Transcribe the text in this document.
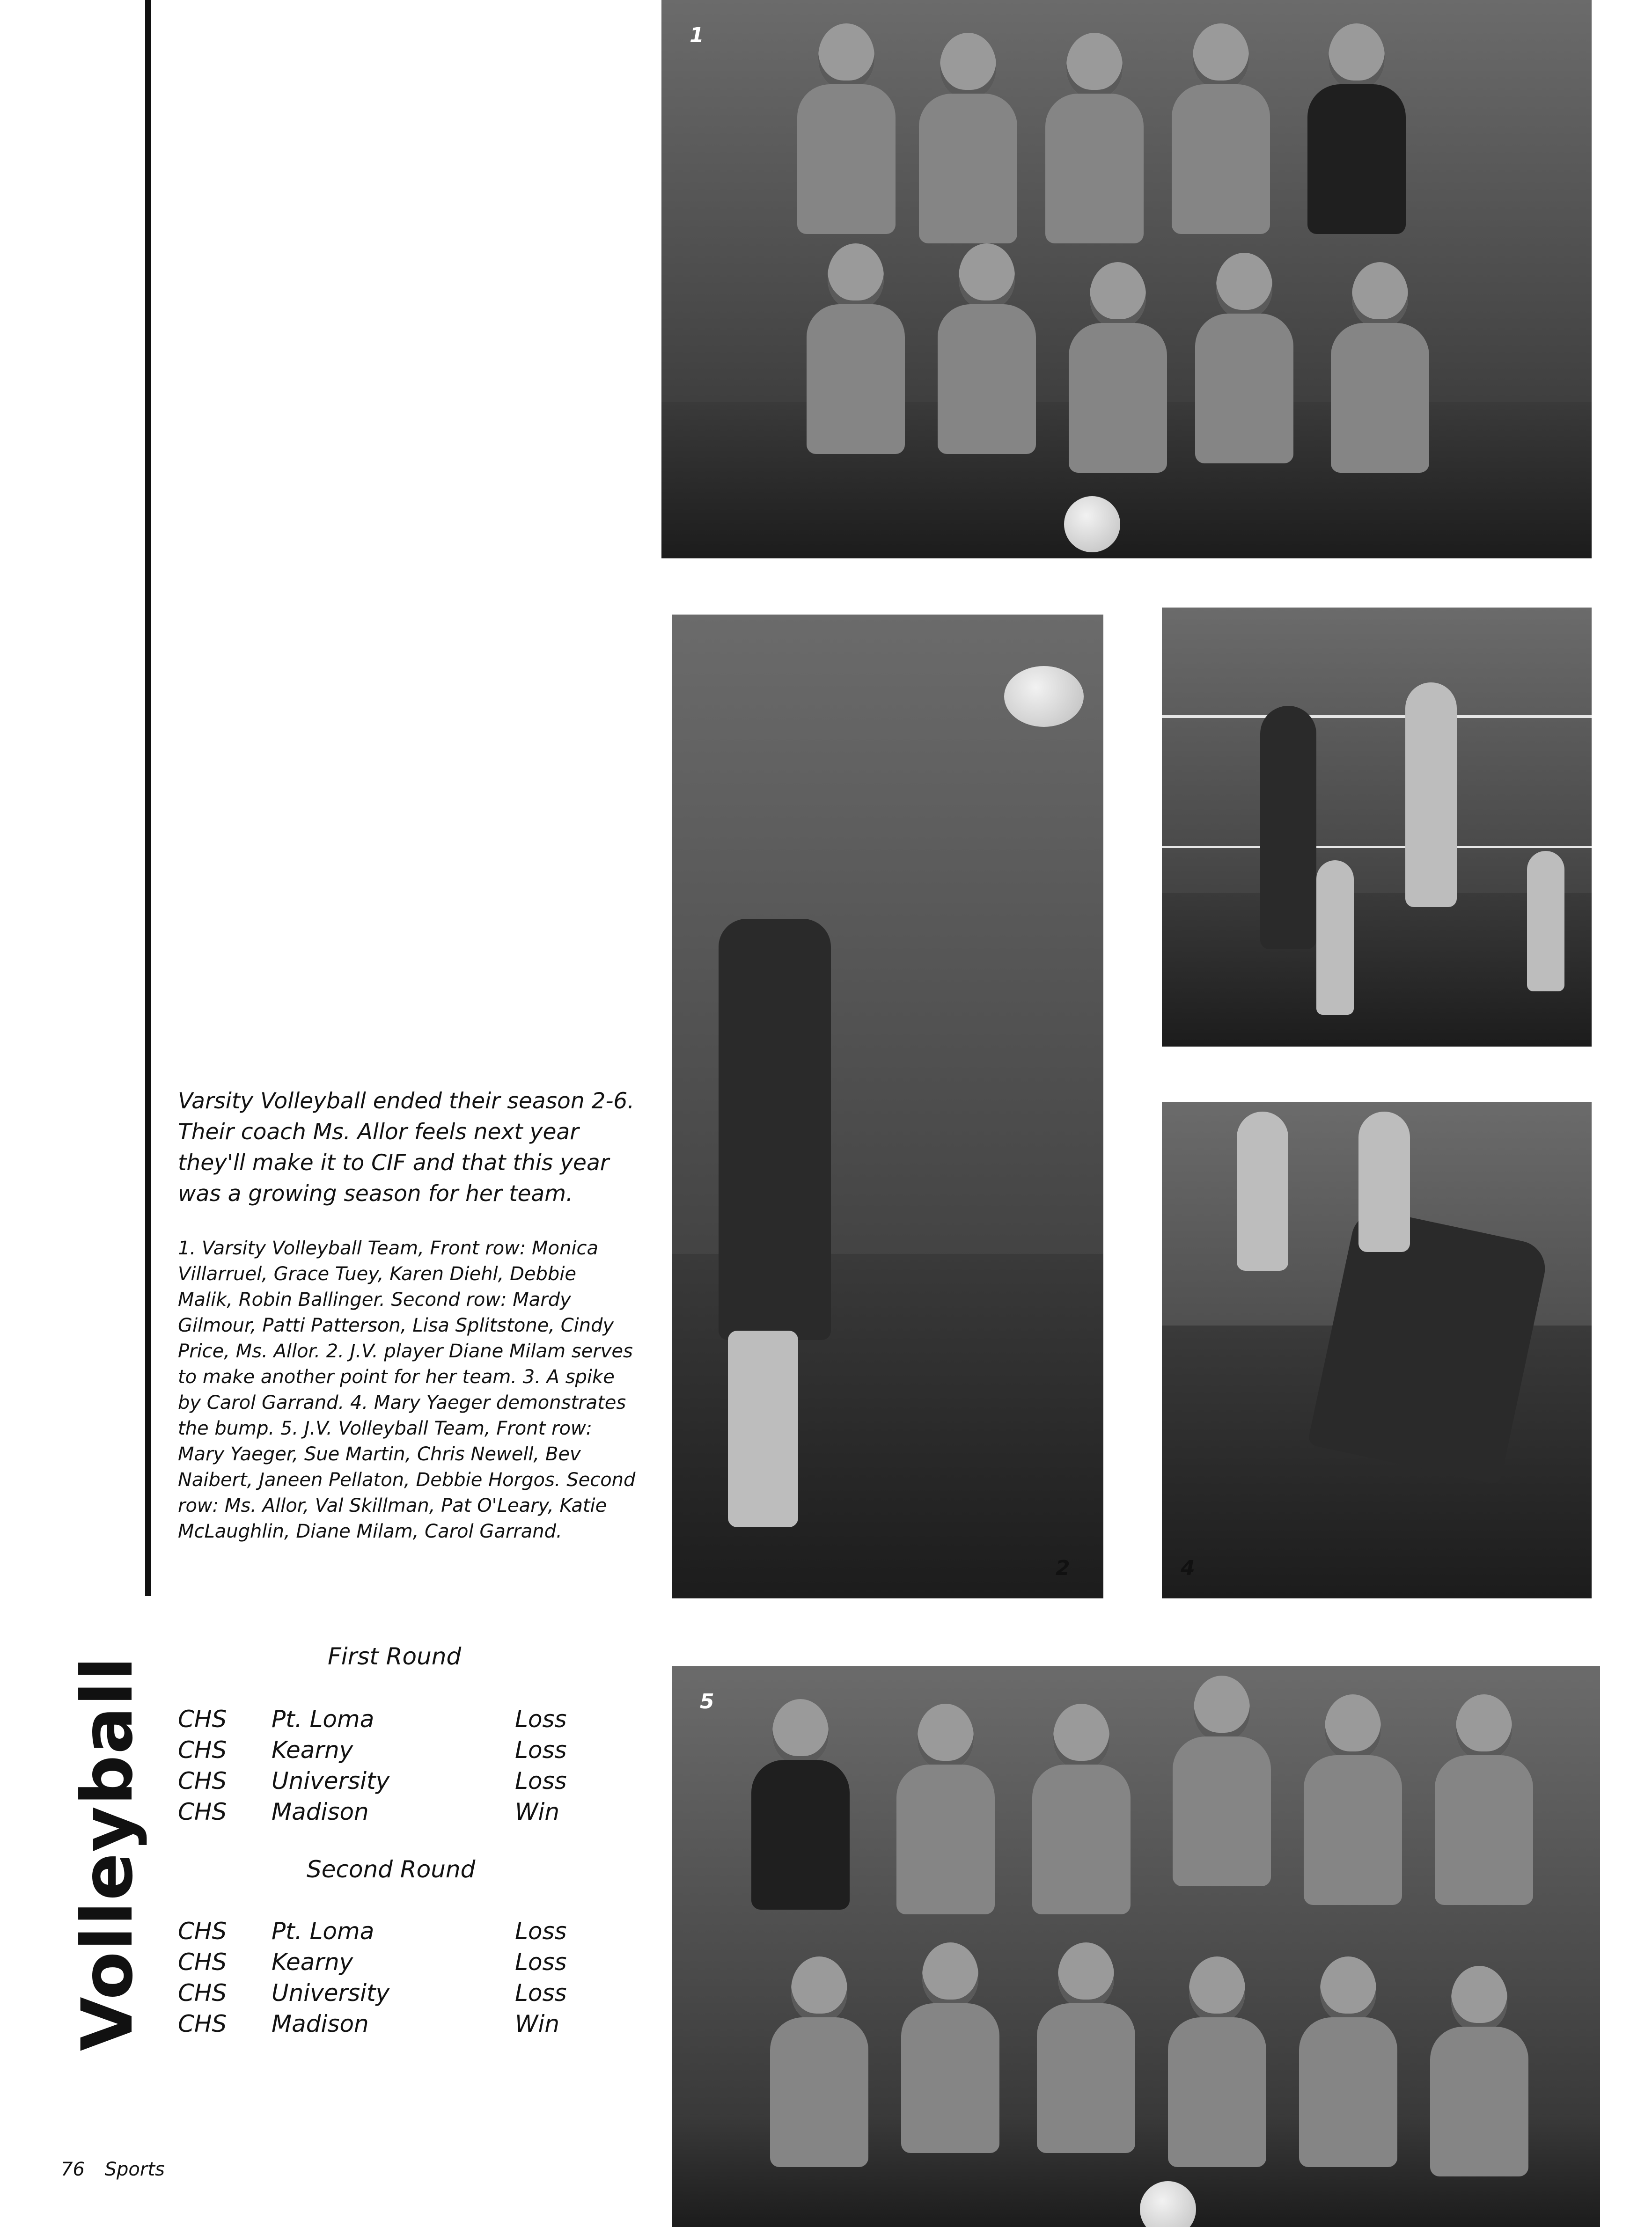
1
2	4
Varsity Volleyball ended their season 2-6. Their coach Ms. Allor feels next year they'll make it to CIF and that this year was a growing season for her team.
1. Varsity Volleyball Team, Front row: Monica Villarruel, Grace Tuey, Karen Diehl, Debbie Malik, Robin Ballinger. Second row: Mardy Gilmour, Patti Patterson, Lisa Splitstone, Cindy Price, Ms. Allor. 2. J.V. player Diane Milam serves to make another point for her team. 3. A spike by Carol Garrand. 4. Mary Yaeger demonstrates the bump. 5. J.V. Volleyball Team, Front row: Mary Yaeger, Sue Martin, Chris Newell, Bev Naibert, Janeen Pellaton, Debbie Horgos. Second row: Ms. Allor, Val Skillman, Pat O'Leary, Katie McLaughlin, Diane Milam, Carol Garrand.
Volleyball	First Round
CHS Pt. Loma	Loss
CHS Kearny	Loss
CHS University	Loss
CHS Madison	Win
Second Round
CHS Pt. Loma	Loss
CHS Kearny	Loss
CHS University	Loss
CHS Madison	Win
5
76 Sports
